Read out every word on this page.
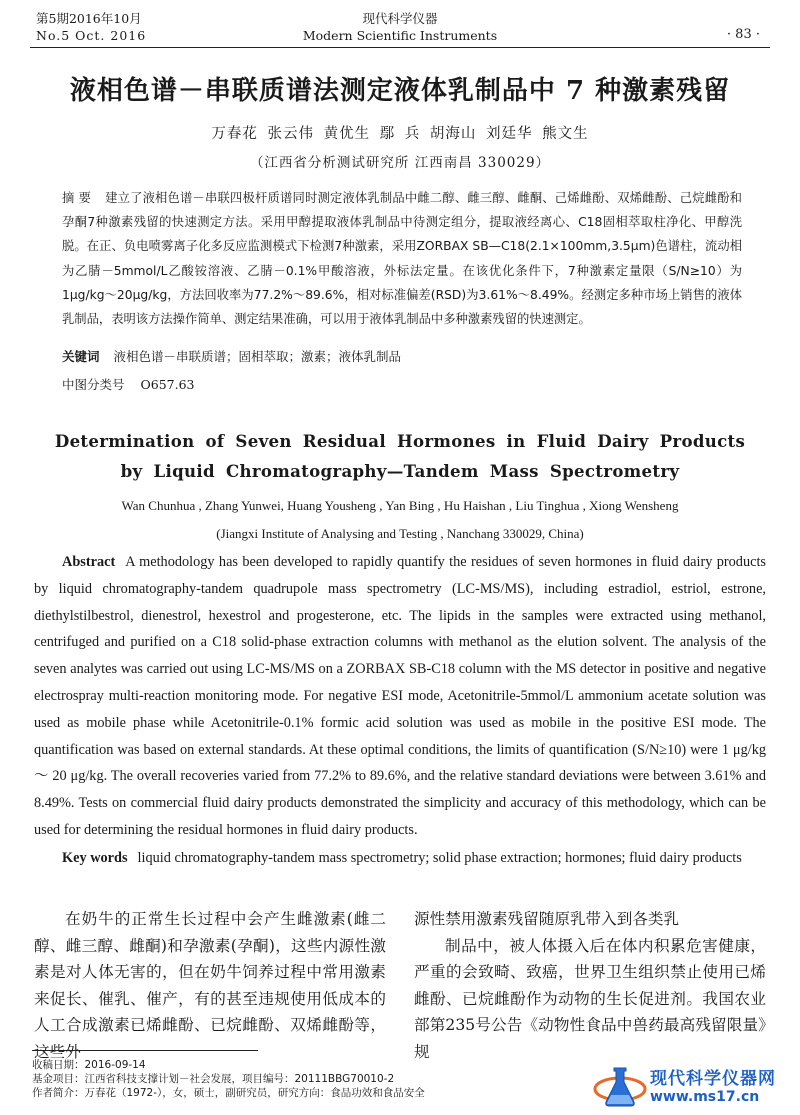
第5期2016年10月
No.5 Oct. 2016
现代科学仪器
Modern Scientific Instruments	· 83 ·
液相色谱－串联质谱法测定液体乳制品中 7 种激素残留
万春花 张云伟 黄优生 鄢 兵 胡海山 刘廷华 熊文生
（江西省分析测试研究所 江西南昌 330029）
摘 要 建立了液相色谱－串联四极杆质谱同时测定液体乳制品中雌二醇、雌三醇、雌酮、己烯雌酚、双烯雌酚、己烷雌酚和孕酮7种激素残留的快速测定方法。采用甲醇提取液体乳制品中待测定组分，提取液经离心、C18固相萃取柱净化、甲醇洗脱。在正、负电喷雾离子化多反应监测模式下检测7种激素，采用ZORBAX SB—C18(2.1×100mm,3.5μm)色谱柱，流动相为乙腈－5mmol/L乙酸铵溶液、乙腈－0.1%甲酸溶液，外标法定量。在该优化条件下，7种激素定量限（S/N≥10）为1μg/kg～20μg/kg，方法回收率为77.2%～89.6%，相对标准偏差(RSD)为3.61%～8.49%。经测定多种市场上销售的液体乳制品，表明该方法操作简单、测定结果准确，可以用于液体乳制品中多种激素残留的快速测定。
关键词 液相色谱－串联质谱；固相萃取；激素；液体乳制品
中图分类号 O657.63
Determination of Seven Residual Hormones in Fluid Dairy Products by Liquid Chromatography—Tandem Mass Spectrometry
Wan Chunhua , Zhang Yunwei, Huang Yousheng , Yan Bing , Hu Haishan , Liu Tinghua , Xiong Wensheng
(Jiangxi Institute of Analysing and Testing , Nanchang 330029, China)
Abstract A methodology has been developed to rapidly quantify the residues of seven hormones in fluid dairy products by liquid chromatography-tandem quadrupole mass spectrometry (LC-MS/MS), including estradiol, estriol, estrone, diethylstilbestrol, dienestrol, hexestrol and progesterone, etc. The lipids in the samples were extracted using methanol, centrifuged and purified on a C18 solid-phase extraction columns with methanol as the elution solvent. The analysis of the seven analytes was carried out using LC-MS/MS on a ZORBAX SB-C18 column with the MS detector in positive and negative electrospray multi-reaction monitoring mode. For negative ESI mode, Acetonitrile-5mmol/L ammonium acetate solution was used as mobile phase while Acetonitrile-0.1% formic acid solution was used as mobile in the positive ESI mode. The quantification was based on external standards. At these optimal conditions, the limits of quantification (S/N≥10) were 1 μg/kg ～ 20 μg/kg. The overall recoveries varied from 77.2% to 89.6%, and the relative standard deviations were between 3.61% and 8.49%. Tests on commercial fluid dairy products demonstrated the simplicity and accuracy of this methodology, which can be used for determining the residual hormones in fluid dairy products.
Key words liquid chromatography-tandem mass spectrometry; solid phase extraction; hormones; fluid dairy products

在奶牛的正常生长过程中会产生雌激素(雌二醇、雌三醇、雌酮)和孕激素(孕酮)，这些内源性激素是对人体无害的，但在奶牛饲养过程中常用激素来促长、催乳、催产，有的甚至违规使用低成本的人工合成激素已烯雌酚、已烷雌酚、双烯雌酚等，这些外

源性禁用激素残留随原乳带入到各类乳

制品中，被人体摄入后在体内积累危害健康，严重的会致畸、致癌，世界卫生组织禁止使用已烯雌酚、已烷雌酚作为动物的生长促进剂。我国农业部第235号公告《动物性食品中兽药最高残留限量》规

收稿日期：2016-09-14
基金项目：江西省科技支撑计划－社会发展，项目编号：20111BBG70010-2
作者简介：万春花（1972-），女，硕士，副研究员，研究方向：食品功效和食品安全
现代科学仪器网
www.ms17.cn
